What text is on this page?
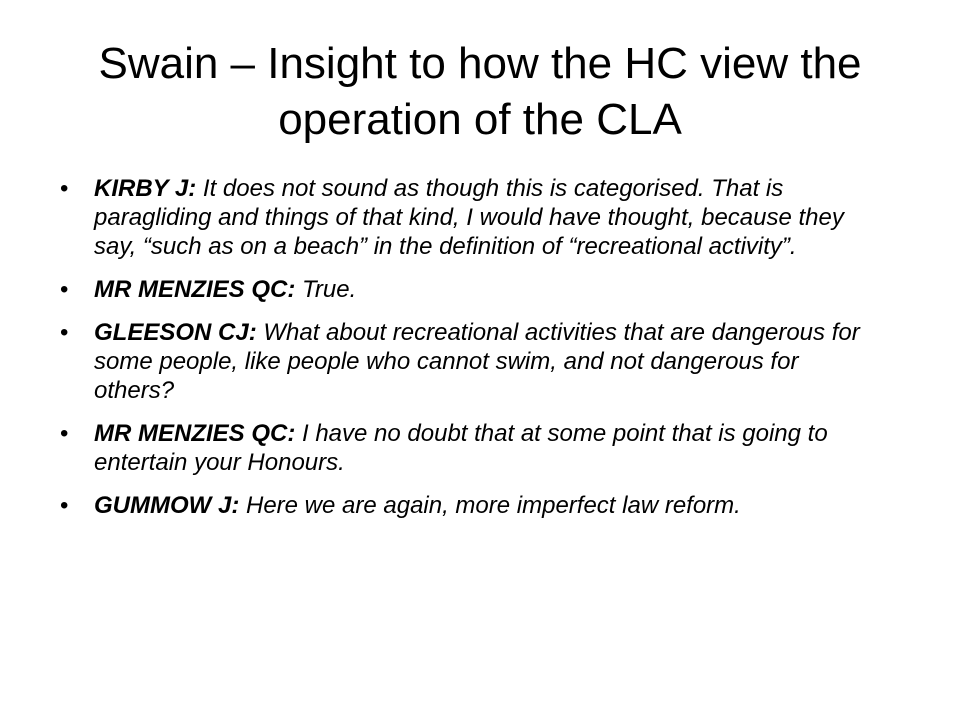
Swain – Insight to how the HC view the operation of the CLA
•	KIRBY J: It does not sound as though this is categorised. That is paragliding and things of that kind, I would have thought, because they say, “such as on a beach” in the definition of “recreational activity”.
•	MR MENZIES QC: True.
•	GLEESON CJ: What about recreational activities that are dangerous for some people, like people who cannot swim, and not dangerous for others?
•	MR MENZIES QC: I have no doubt that at some point that is going to entertain your Honours.
•	GUMMOW J: Here we are again, more imperfect law reform.
